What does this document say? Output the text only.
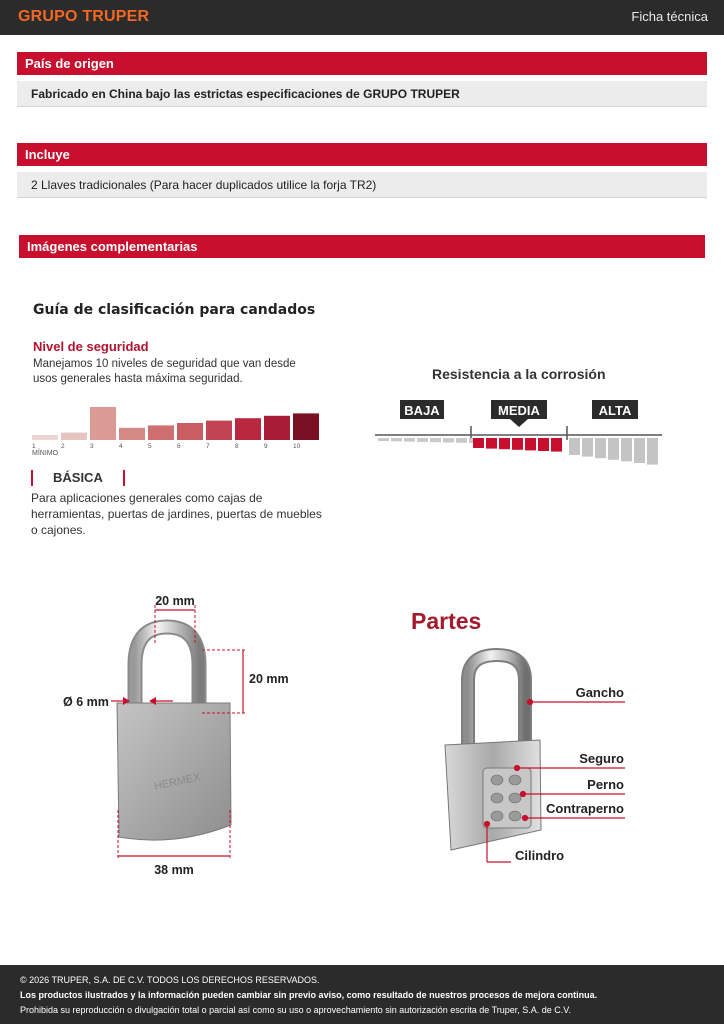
GRUPO TRUPER	Ficha técnica
País de origen
Fabricado en China bajo las estrictas especificaciones de GRUPO TRUPER
Incluye
2 Llaves tradicionales (Para hacer duplicados utilice la forja TR2)
Imágenes complementarias
Guía de clasificación para candados
Nivel de seguridad
Manejamos 10 niveles de seguridad que van desde usos generales hasta máxima seguridad.
1	2	3	4	5	6	7	8	9	10
MÍNIMO
BÁSICA
Para aplicaciones generales como cajas de herramientas, puertas de jardines, puertas de muebles o cajones.
Resistencia a la corrosión
BAJA	MEDIA	ALTA
HERMEX
20 mm
20 mm
Ø 6 mm
38 mm
Partes
Gancho
Seguro
Perno
Contraperno
Cilindro
© 2026 TRUPER, S.A. DE C.V. TODOS LOS DERECHOS RESERVADOS.
Los productos ilustrados y la información pueden cambiar sin previo aviso, como resultado de nuestros procesos de mejora continua.
Prohibida su reproducción o divulgación total o parcial así como su uso o aprovechamiento sin autorización escrita de Truper, S.A. de C.V.
